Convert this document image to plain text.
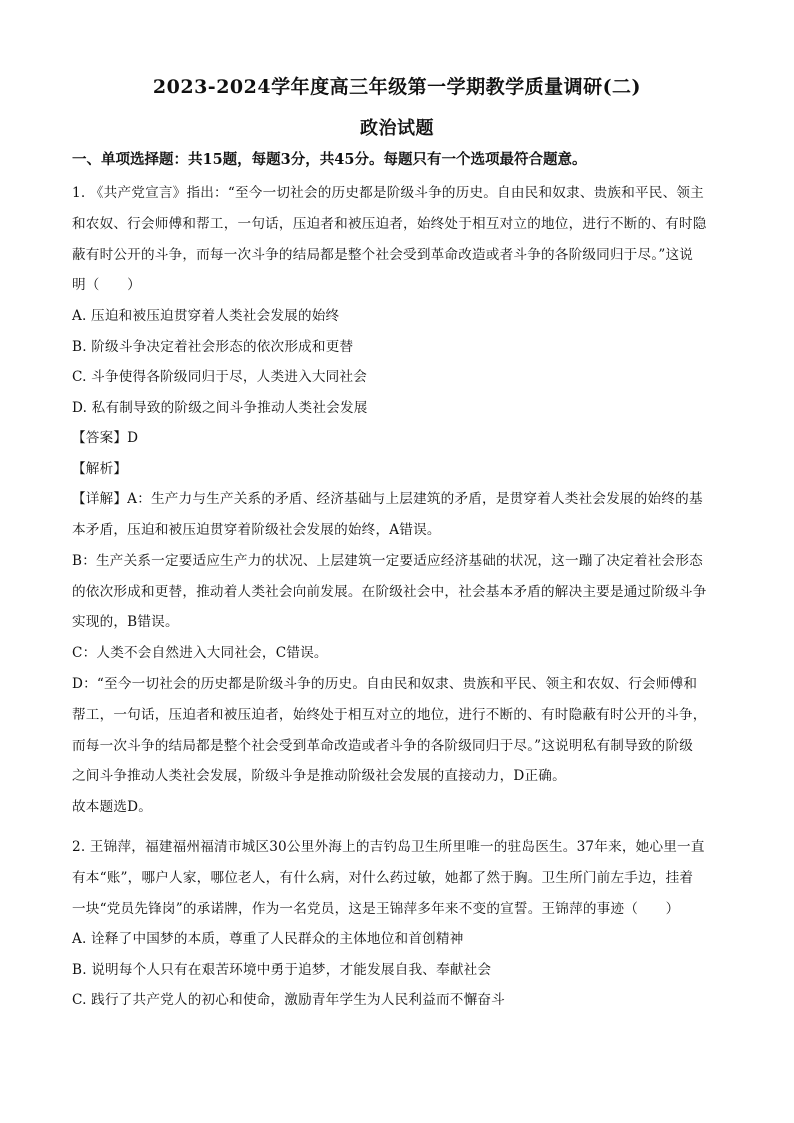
2023-2024学年度高三年级第一学期教学质量调研(二)
政治试题
一、单项选择题：共15题，每题3分，共45分。每题只有一个选项最符合题意。
1. 《共产党宣言》指出：“至今一切社会的历史都是阶级斗争的历史。自由民和奴隶、贵族和平民、领主
和农奴、行会师傅和帮工，一句话，压迫者和被压迫者，始终处于相互对立的地位，进行不断的、有时隐
蔽有时公开的斗争，而每一次斗争的结局都是整个社会受到革命改造或者斗争的各阶级同归于尽。”这说
明（　　）
A. 压迫和被压迫贯穿着人类社会发展的始终
B. 阶级斗争决定着社会形态的依次形成和更替
C. 斗争使得各阶级同归于尽，人类进入大同社会
D. 私有制导致的阶级之间斗争推动人类社会发展
【答案】D
【解析】
【详解】A：生产力与生产关系的矛盾、经济基础与上层建筑的矛盾，是贯穿着人类社会发展的始终的基
本矛盾，压迫和被压迫贯穿着阶级社会发展的始终，A错误。
B：生产关系一定要适应生产力的状况、上层建筑一定要适应经济基础的状况，这一蹦了决定着社会形态
的依次形成和更替，推动着人类社会向前发展。在阶级社会中，社会基本矛盾的解决主要是通过阶级斗争
实现的，B错误。
C：人类不会自然进入大同社会，C错误。
D：“至今一切社会的历史都是阶级斗争的历史。自由民和奴隶、贵族和平民、领主和农奴、行会师傅和
帮工，一句话，压迫者和被压迫者，始终处于相互对立的地位，进行不断的、有时隐蔽有时公开的斗争，
而每一次斗争的结局都是整个社会受到革命改造或者斗争的各阶级同归于尽。”这说明私有制导致的阶级
之间斗争推动人类社会发展，阶级斗争是推动阶级社会发展的直接动力，D正确。
故本题选D。
2. 王锦萍，福建福州福清市城区30公里外海上的吉钓岛卫生所里唯一的驻岛医生。37年来，她心里一直
有本“账”，哪户人家，哪位老人，有什么病，对什么药过敏，她都了然于胸。卫生所门前左手边，挂着
一块“党员先锋岗”的承诺牌，作为一名党员，这是王锦萍多年来不变的宣誓。王锦萍的事迹（　　）
A. 诠释了中国梦的本质，尊重了人民群众的主体地位和首创精神
B. 说明每个人只有在艰苦环境中勇于追梦，才能发展自我、奉献社会
C. 践行了共产党人的初心和使命，激励青年学生为人民利益而不懈奋斗
